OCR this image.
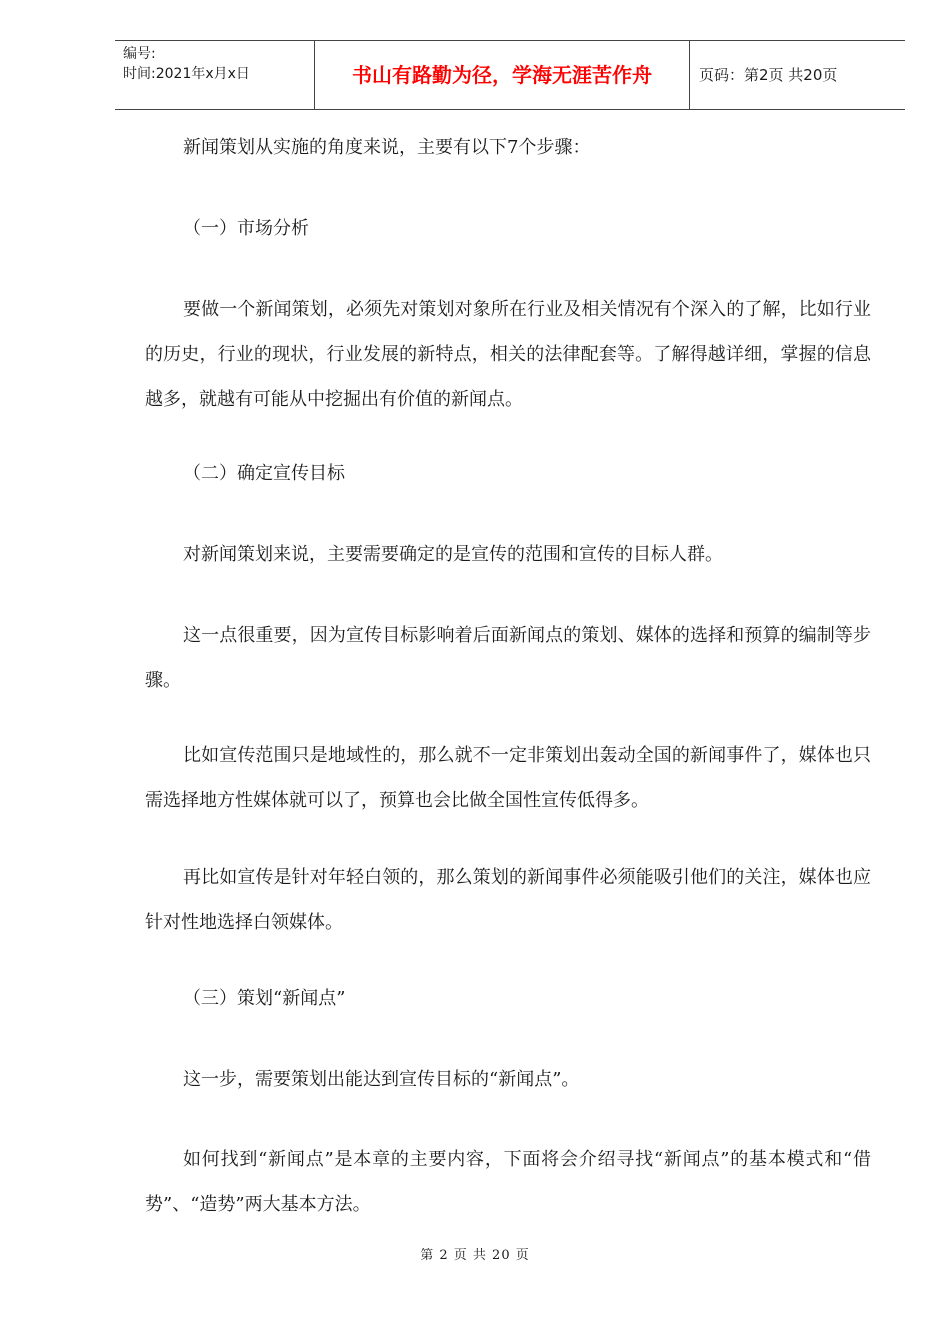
编号:
时间:2021年x月x日	书山有路勤为径，学海无涯苦作舟	页码：第2页 共20页
新闻策划从实施的角度来说，主要有以下7个步骤：
（一）市场分析
要做一个新闻策划，必须先对策划对象所在行业及相关情况有个深入的了解，比如行业的历史，行业的现状，行业发展的新特点，相关的法律配套等。了解得越详细，掌握的信息越多，就越有可能从中挖掘出有价值的新闻点。
（二）确定宣传目标
对新闻策划来说，主要需要确定的是宣传的范围和宣传的目标人群。
这一点很重要，因为宣传目标影响着后面新闻点的策划、媒体的选择和预算的编制等步骤。
比如宣传范围只是地域性的，那么就不一定非策划出轰动全国的新闻事件了，媒体也只需选择地方性媒体就可以了，预算也会比做全国性宣传低得多。
再比如宣传是针对年轻白领的，那么策划的新闻事件必须能吸引他们的关注，媒体也应针对性地选择白领媒体。
（三）策划“新闻点”
这一步，需要策划出能达到宣传目标的“新闻点”。
如何找到“新闻点”是本章的主要内容，下面将会介绍寻找“新闻点”的基本模式和“借势”、“造势”两大基本方法。
第 2 页 共 20 页
